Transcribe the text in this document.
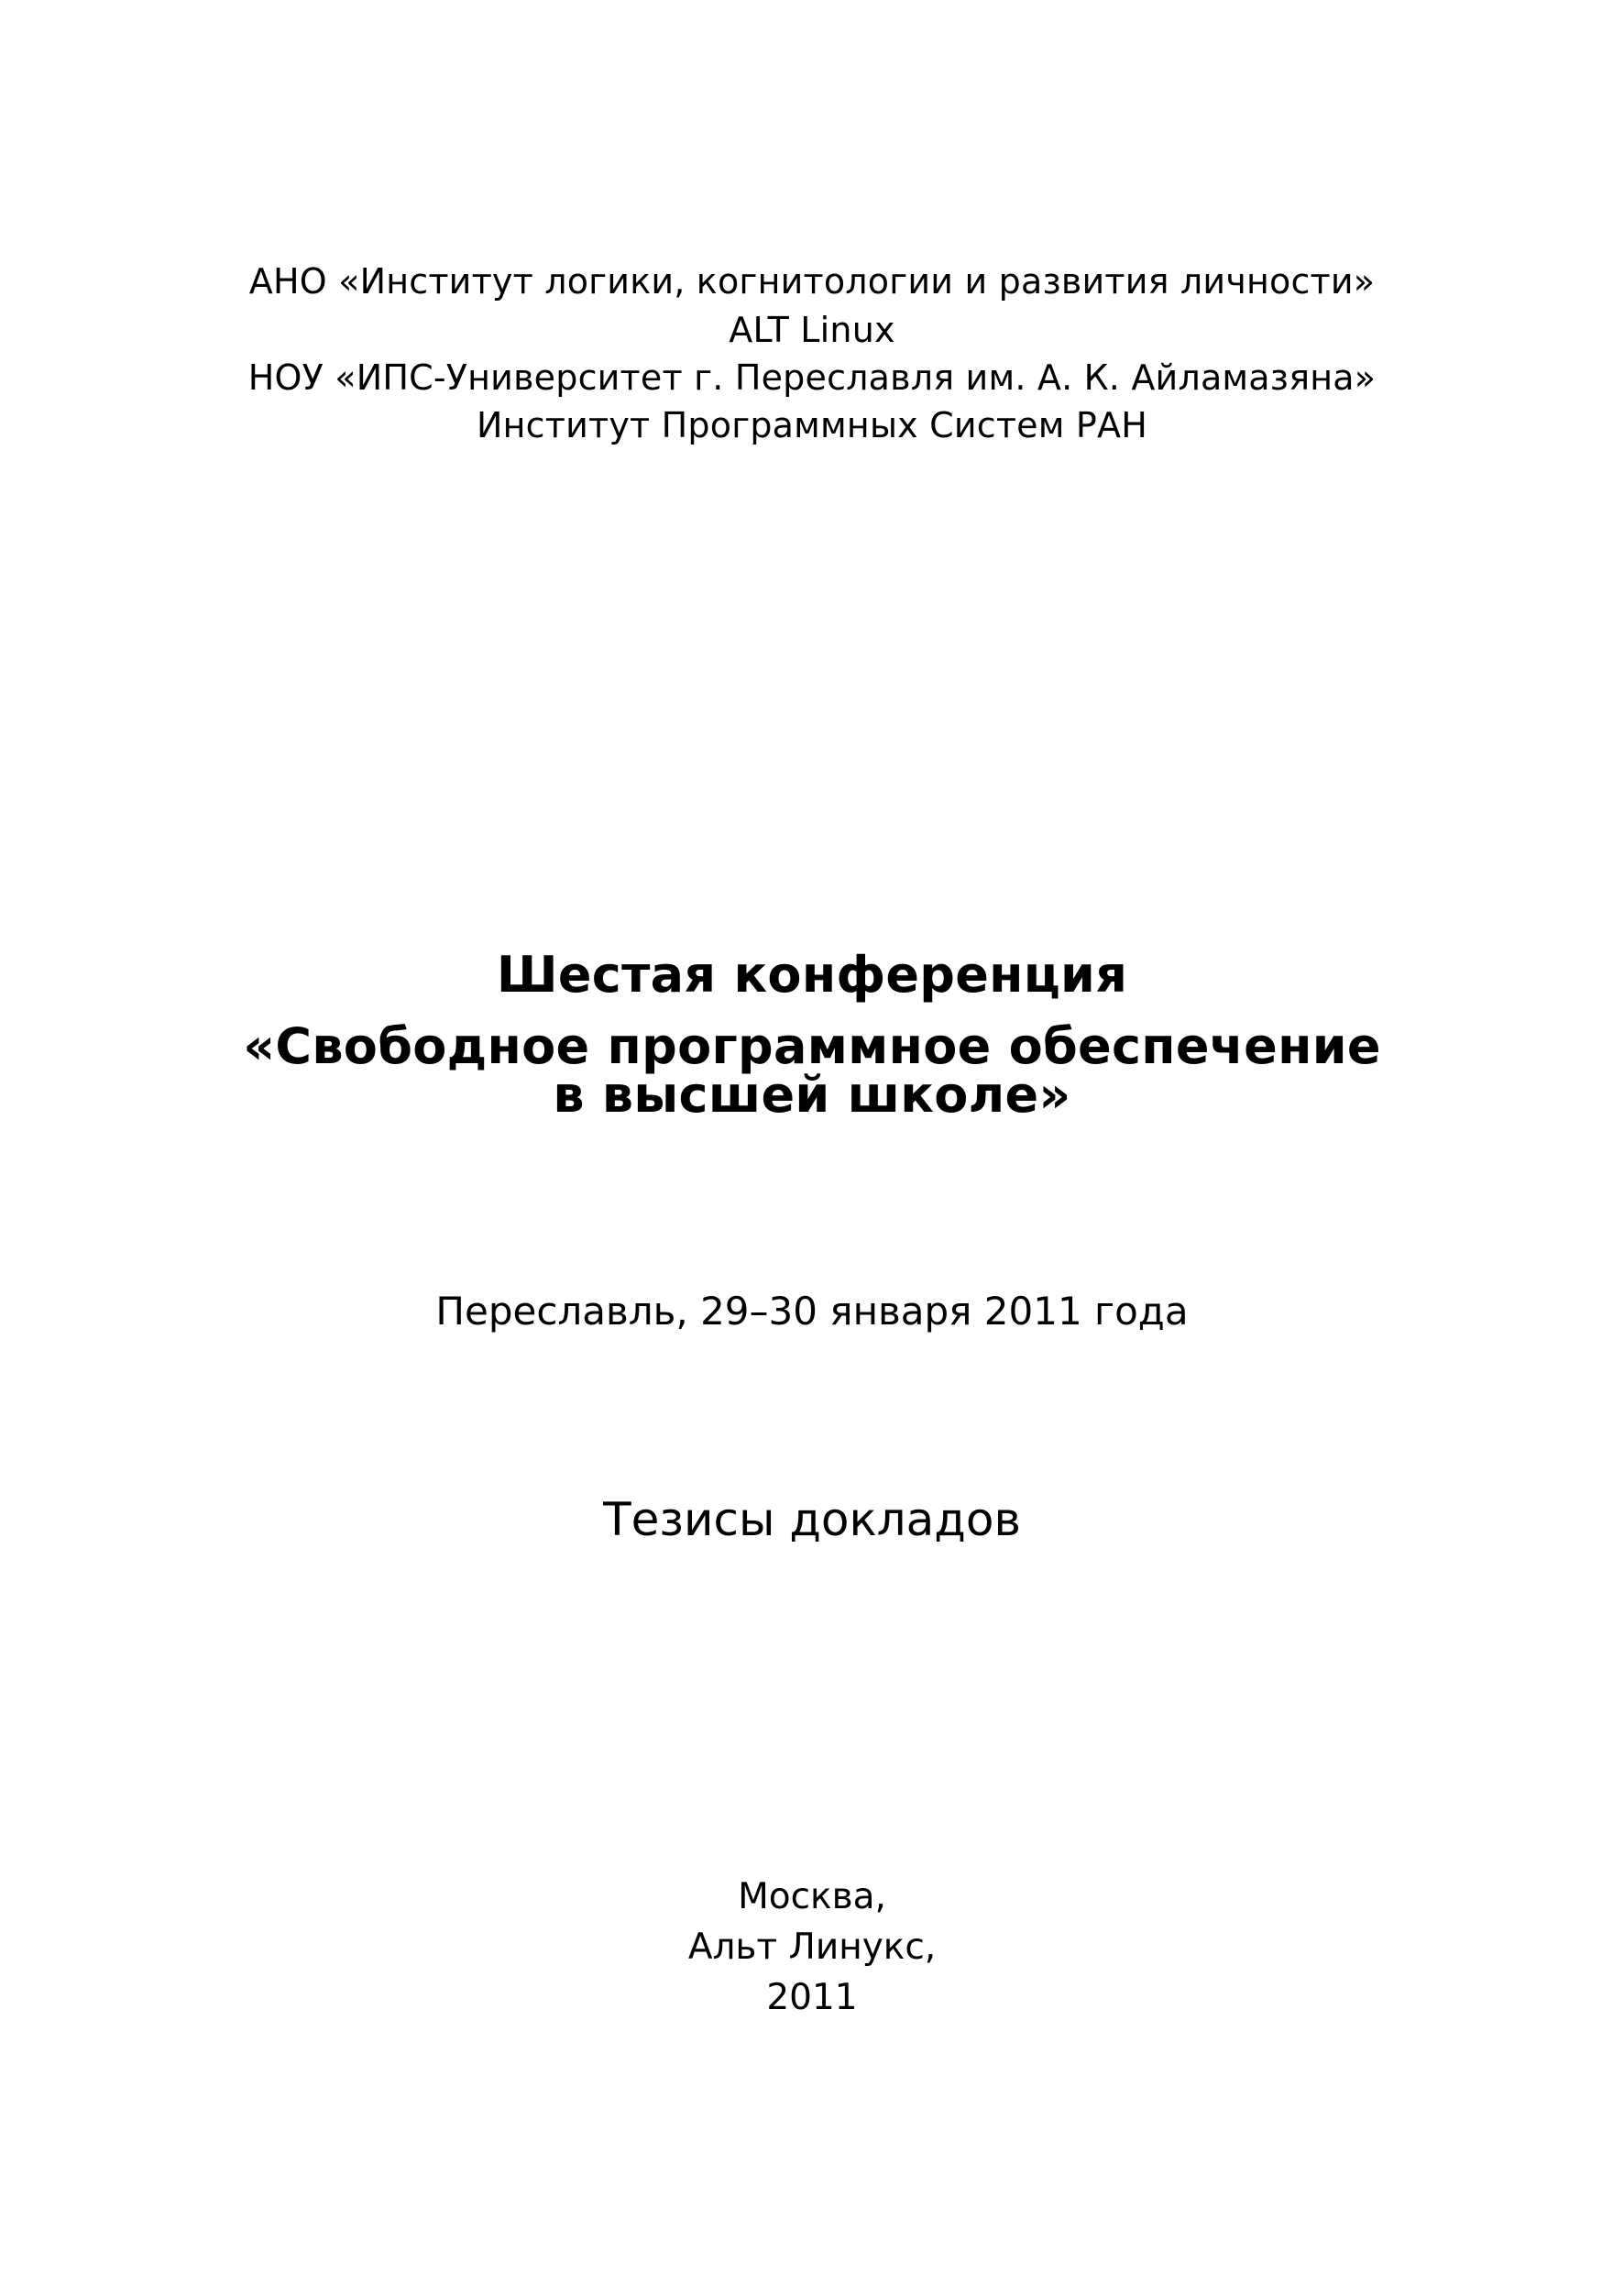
АНО «Институт логики, когнитологии и развития личности»
ALT Linux
НОУ «ИПС-Университет г. Переславля им. А. К. Айламазяна»
Институт Программных Систем РАН
Шестая конференция
«Свободное программное обеспечение
в высшей школе»
Переславль, 29–30 января 2011 года
Тезисы докладов
Москва,
Альт Линукс,
2011
